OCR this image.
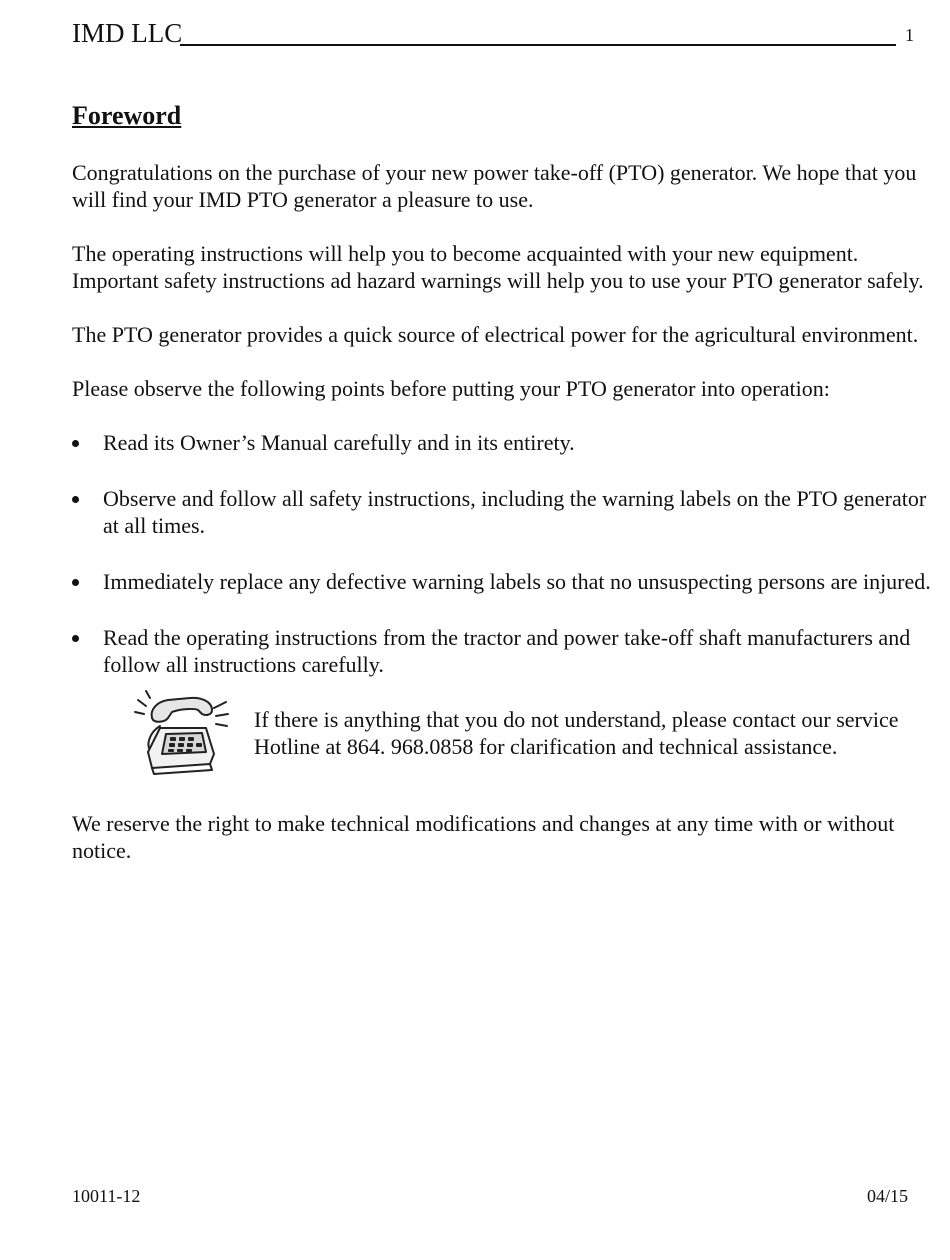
IMD LLC	1
Foreword

Congratulations on the purchase of your new power take-off (PTO) generator. We hope that you will find your IMD PTO generator a pleasure to use.

The operating instructions will help you to become acquainted with your new equipment. Important safety instructions ad hazard warnings will help you to use your PTO generator safely.

The PTO generator provides a quick source of electrical power for the agricultural environment.

Please observe the following points before putting your PTO generator into operation:

Read its Owner’s Manual carefully and in its entirety.
Observe and follow all safety instructions, including the warning labels on the PTO generator at all times.
Immediately replace any defective warning labels so that no unsuspecting persons are injured.
Read the operating instructions from the tractor and power take-off shaft manufacturers and follow all instructions carefully.
If there is anything that you do not understand, please contact our service Hotline at 864. 968.0858 for clarification and technical assistance.

We reserve the right to make technical modifications and changes at any time with or without notice.

10011-12	04/15
